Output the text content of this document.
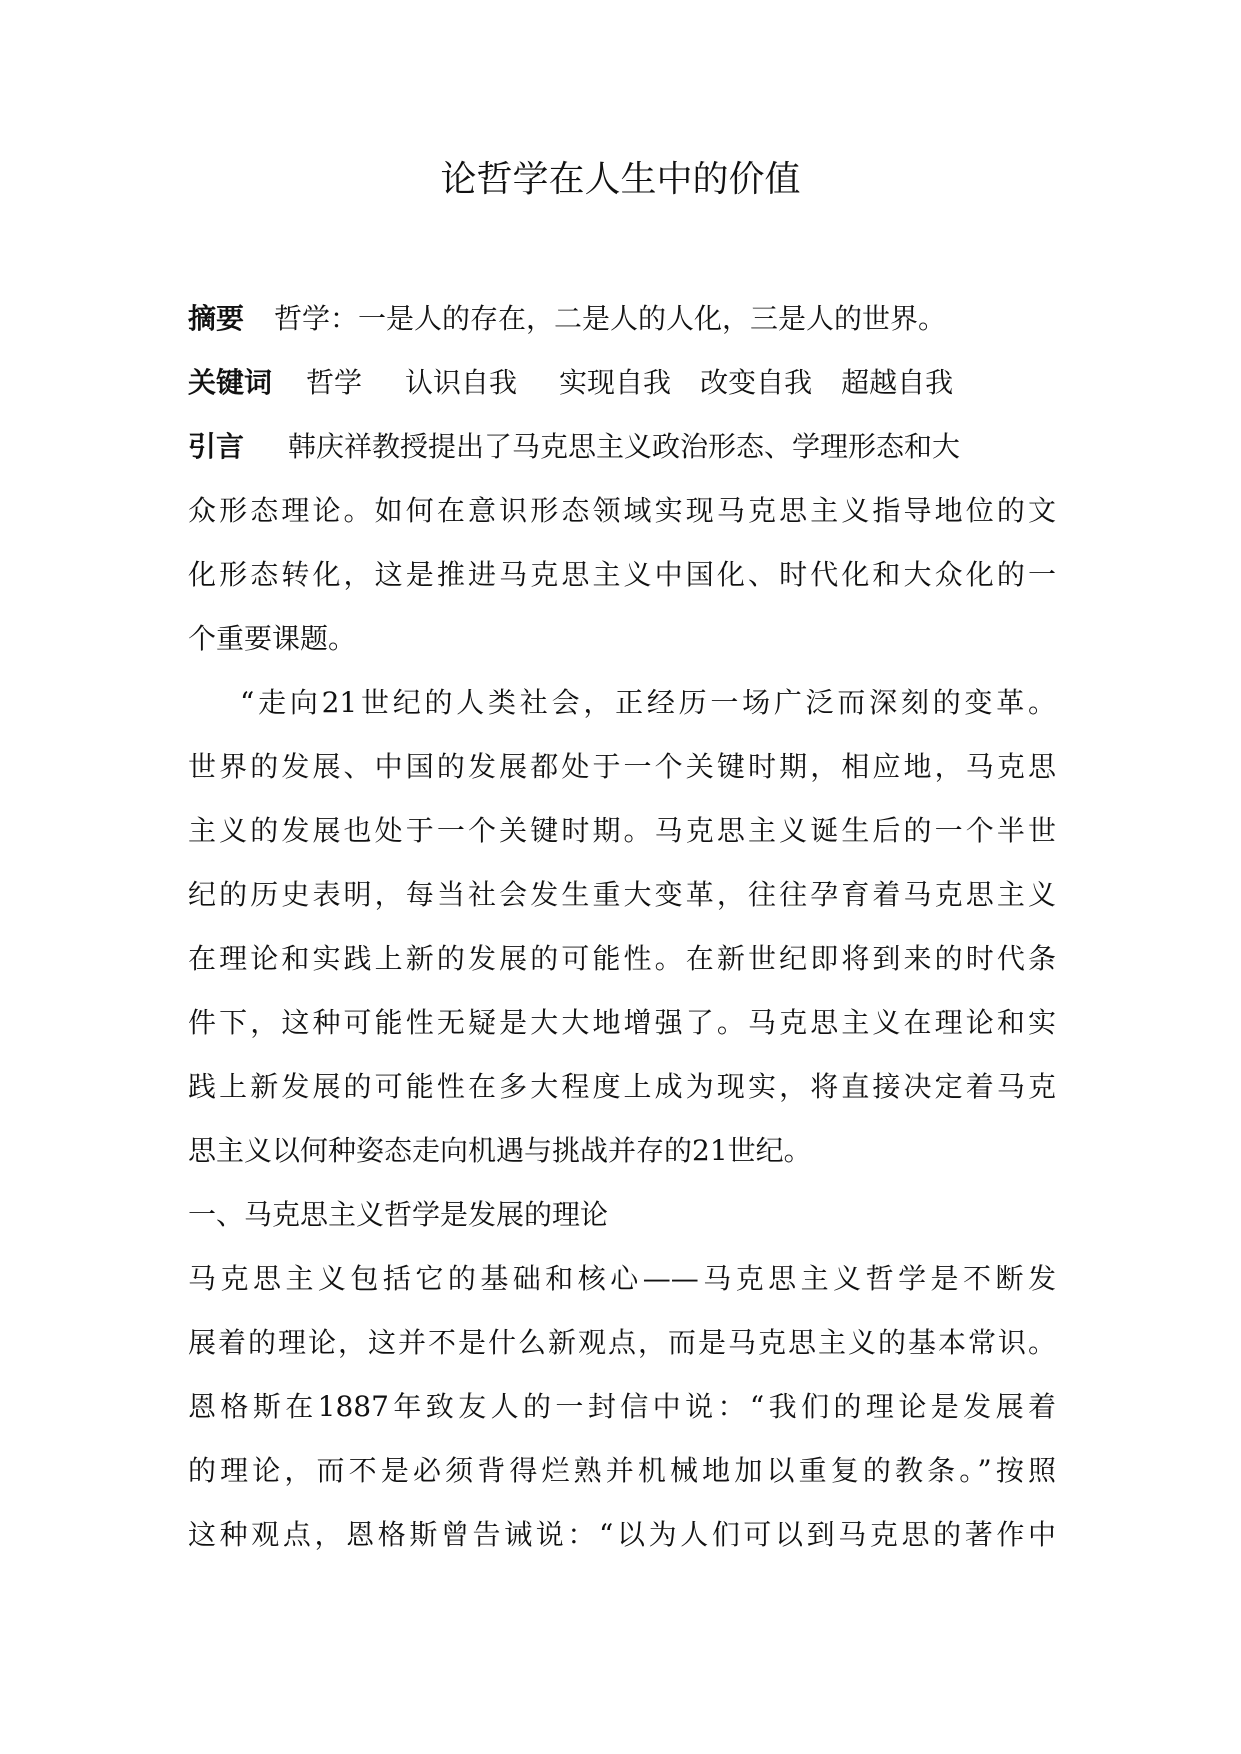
论哲学在人生中的价值
摘要 哲学：一是人的存在，二是人的人化，三是人的世界。
关键词 哲学 认识自我 实现自我 改变自我 超越自我
引言 韩庆祥教授提出了马克思主义政治形态、学理形态和大
众形态理论。如何在意识形态领域实现马克思主义指导地位的文
化形态转化，这是推进马克思主义中国化、时代化和大众化的一
个重要课题。
“走向21世纪的人类社会，正经历一场广泛而深刻的变革。
世界的发展、中国的发展都处于一个关键时期，相应地，马克思
主义的发展也处于一个关键时期。马克思主义诞生后的一个半世
纪的历史表明，每当社会发生重大变革，往往孕育着马克思主义
在理论和实践上新的发展的可能性。在新世纪即将到来的时代条
件下，这种可能性无疑是大大地增强了。马克思主义在理论和实
践上新发展的可能性在多大程度上成为现实，将直接决定着马克
思主义以何种姿态走向机遇与挑战并存的21世纪。
一、马克思主义哲学是发展的理论
马克思主义包括它的基础和核心——马克思主义哲学是不断发
展着的理论，这并不是什么新观点，而是马克思主义的基本常识。
恩格斯在1887年致友人的一封信中说：“我们的理论是发展着
的理论，而不是必须背得烂熟并机械地加以重复的教条。”按照
这种观点，恩格斯曾告诫说：“以为人们可以到马克思的著作中
